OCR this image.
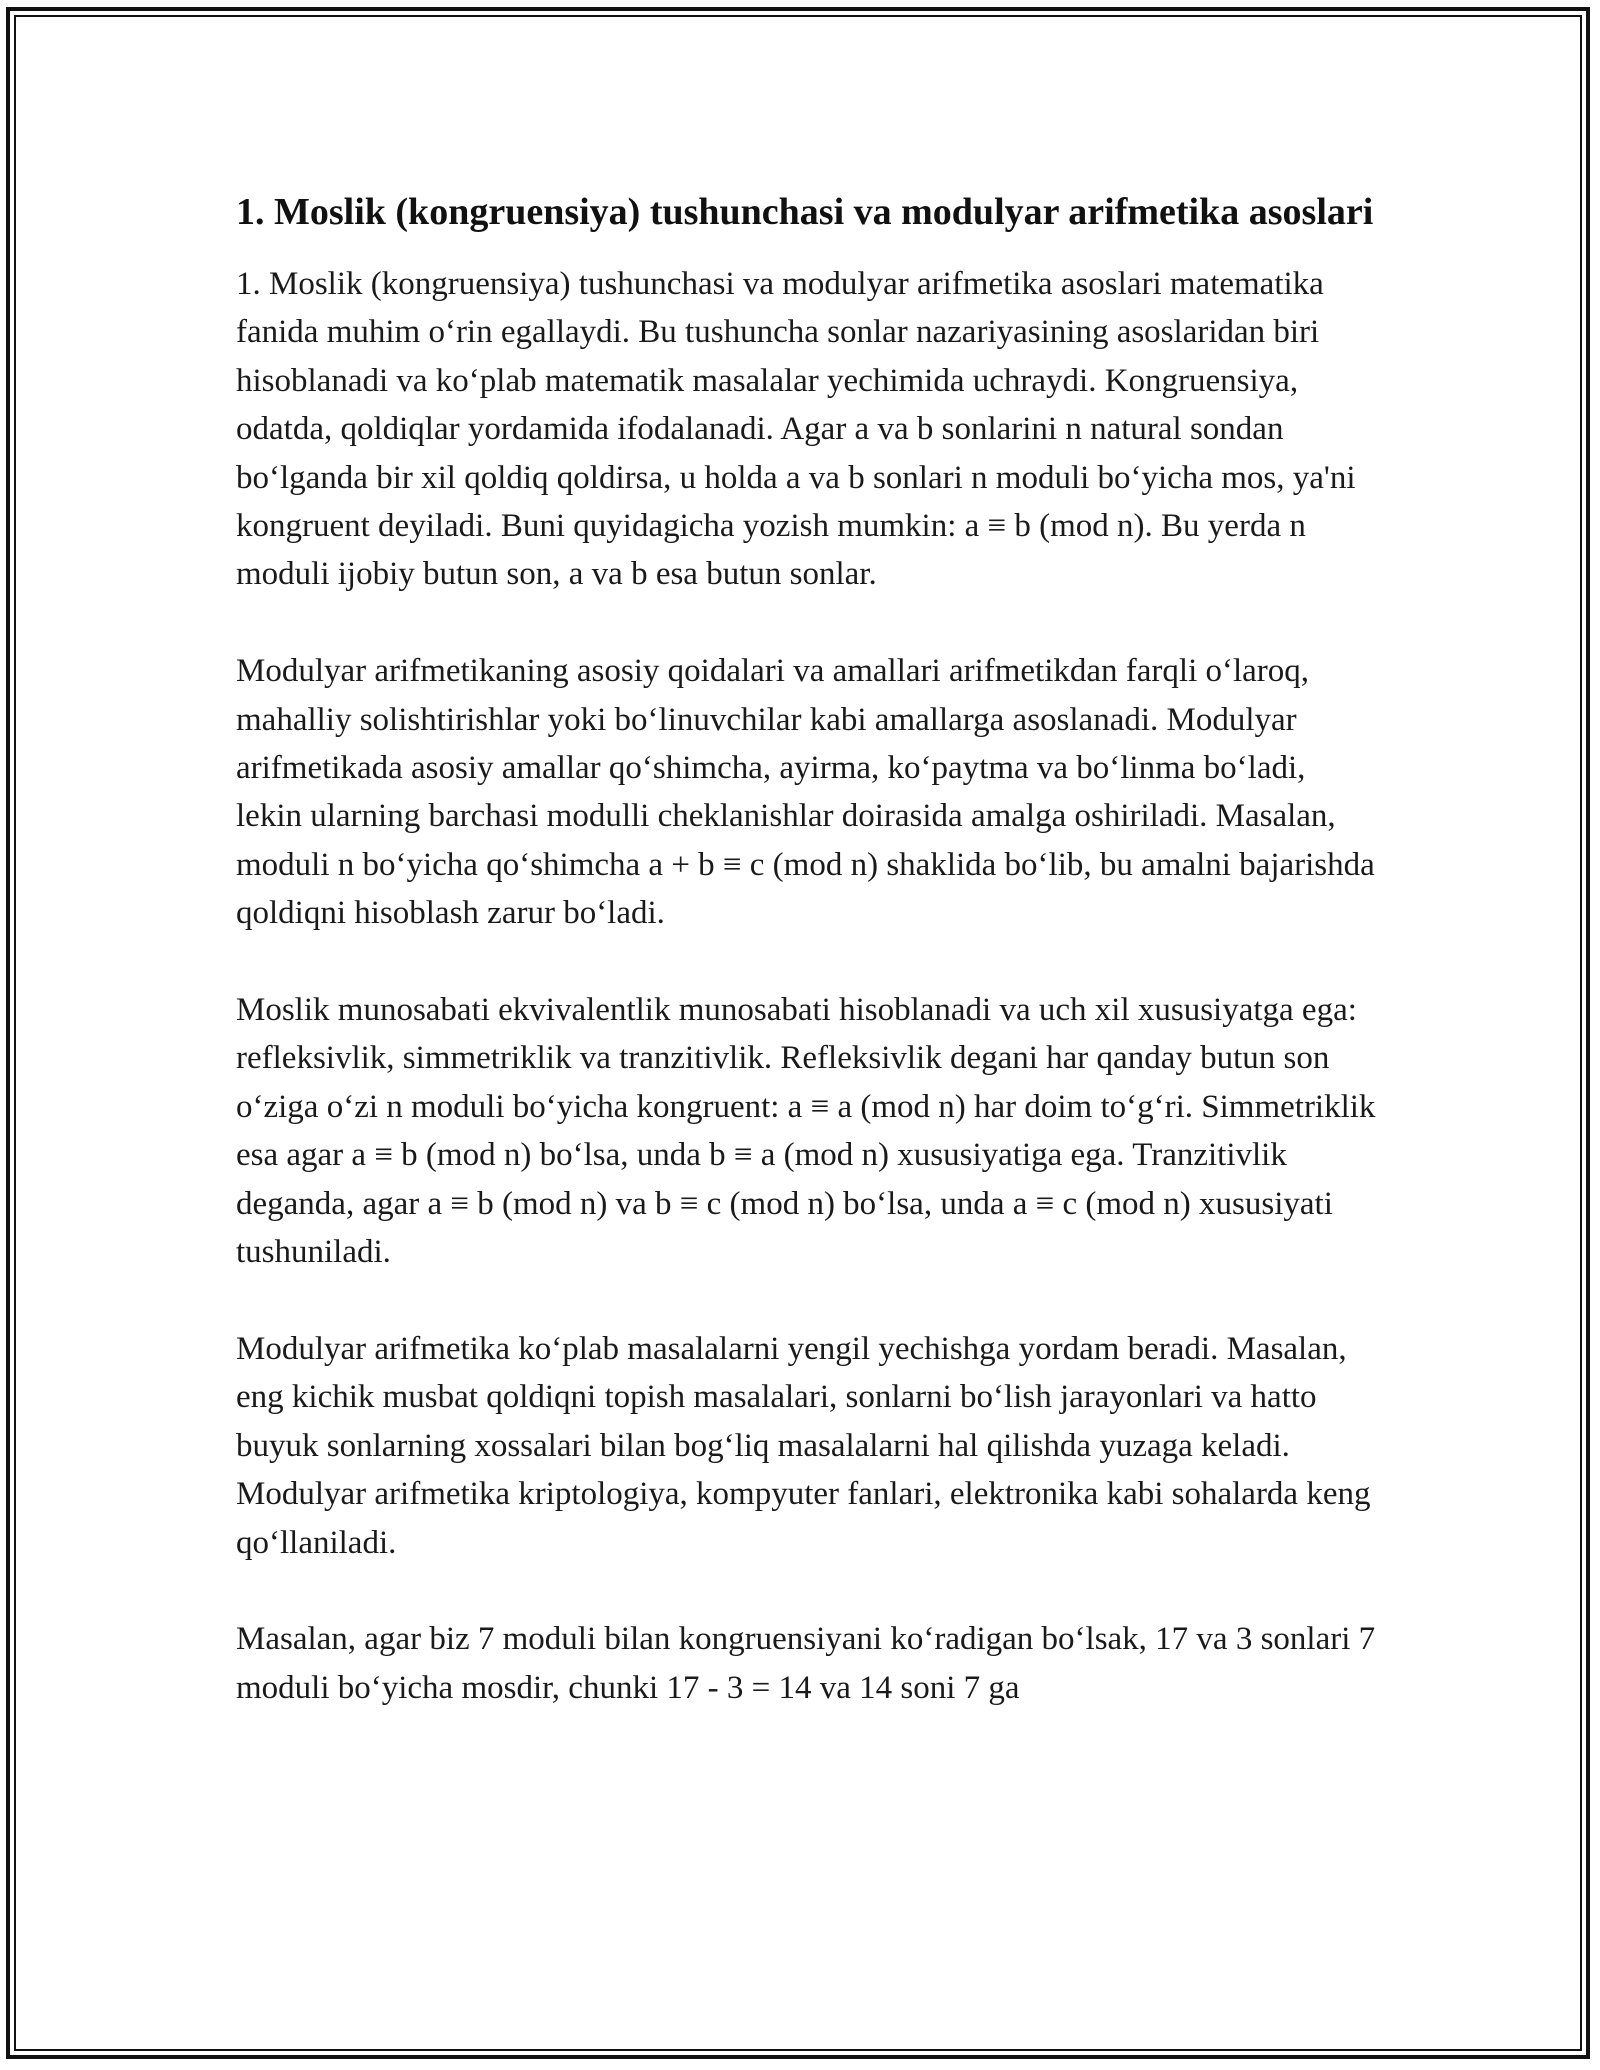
1. Moslik (kongruensiya) tushunchasi va modulyar arifmetika asoslari

1. Moslik (kongruensiya) tushunchasi va modulyar arifmetika asoslari matematika fanida muhim o‘rin egallaydi. Bu tushuncha sonlar nazariyasining asoslaridan biri hisoblanadi va ko‘plab matematik masalalar yechimida uchraydi. Kongruensiya, odatda, qoldiqlar yordamida ifodalanadi. Agar a va b sonlarini n natural sondan bo‘lganda bir xil qoldiq qoldirsa, u holda a va b sonlari n moduli bo‘yicha mos, ya'ni kongruent deyiladi. Buni quyidagicha yozish mumkin: a ≡ b (mod n). Bu yerda n moduli ijobiy butun son, a va b esa butun sonlar.

Modulyar arifmetikaning asosiy qoidalari va amallari arifmetikdan farqli o‘laroq, mahalliy solishtirishlar yoki bo‘linuvchilar kabi amallarga asoslanadi. Modulyar arifmetikada asosiy amallar qo‘shimcha, ayirma, ko‘paytma va bo‘linma bo‘ladi, lekin ularning barchasi modulli cheklanishlar doirasida amalga oshiriladi. Masalan, moduli n bo‘yicha qo‘shimcha a + b ≡ c (mod n) shaklida bo‘lib, bu amalni bajarishda qoldiqni hisoblash zarur bo‘ladi.

Moslik munosabati ekvivalentlik munosabati hisoblanadi va uch xil xususiyatga ega: refleksivlik, simmetriklik va tranzitivlik. Refleksivlik degani har qanday butun son o‘ziga o‘zi n moduli bo‘yicha kongruent: a ≡ a (mod n) har doim to‘g‘ri. Simmetriklik esa agar a ≡ b (mod n) bo‘lsa, unda b ≡ a (mod n) xususiyatiga ega. Tranzitivlik deganda, agar a ≡ b (mod n) va b ≡ c (mod n) bo‘lsa, unda a ≡ c (mod n) xususiyati tushuniladi.

Modulyar arifmetika ko‘plab masalalarni yengil yechishga yordam beradi. Masalan, eng kichik musbat qoldiqni topish masalalari, sonlarni bo‘lish jarayonlari va hatto buyuk sonlarning xossalari bilan bog‘liq masalalarni hal qilishda yuzaga keladi. Modulyar arifmetika kriptologiya, kompyuter fanlari, elektronika kabi sohalarda keng qo‘llaniladi.

Masalan, agar biz 7 moduli bilan kongruensiyani ko‘radigan bo‘lsak, 17 va 3 sonlari 7 moduli bo‘yicha mosdir, chunki 17 - 3 = 14 va 14 soni 7 ga
